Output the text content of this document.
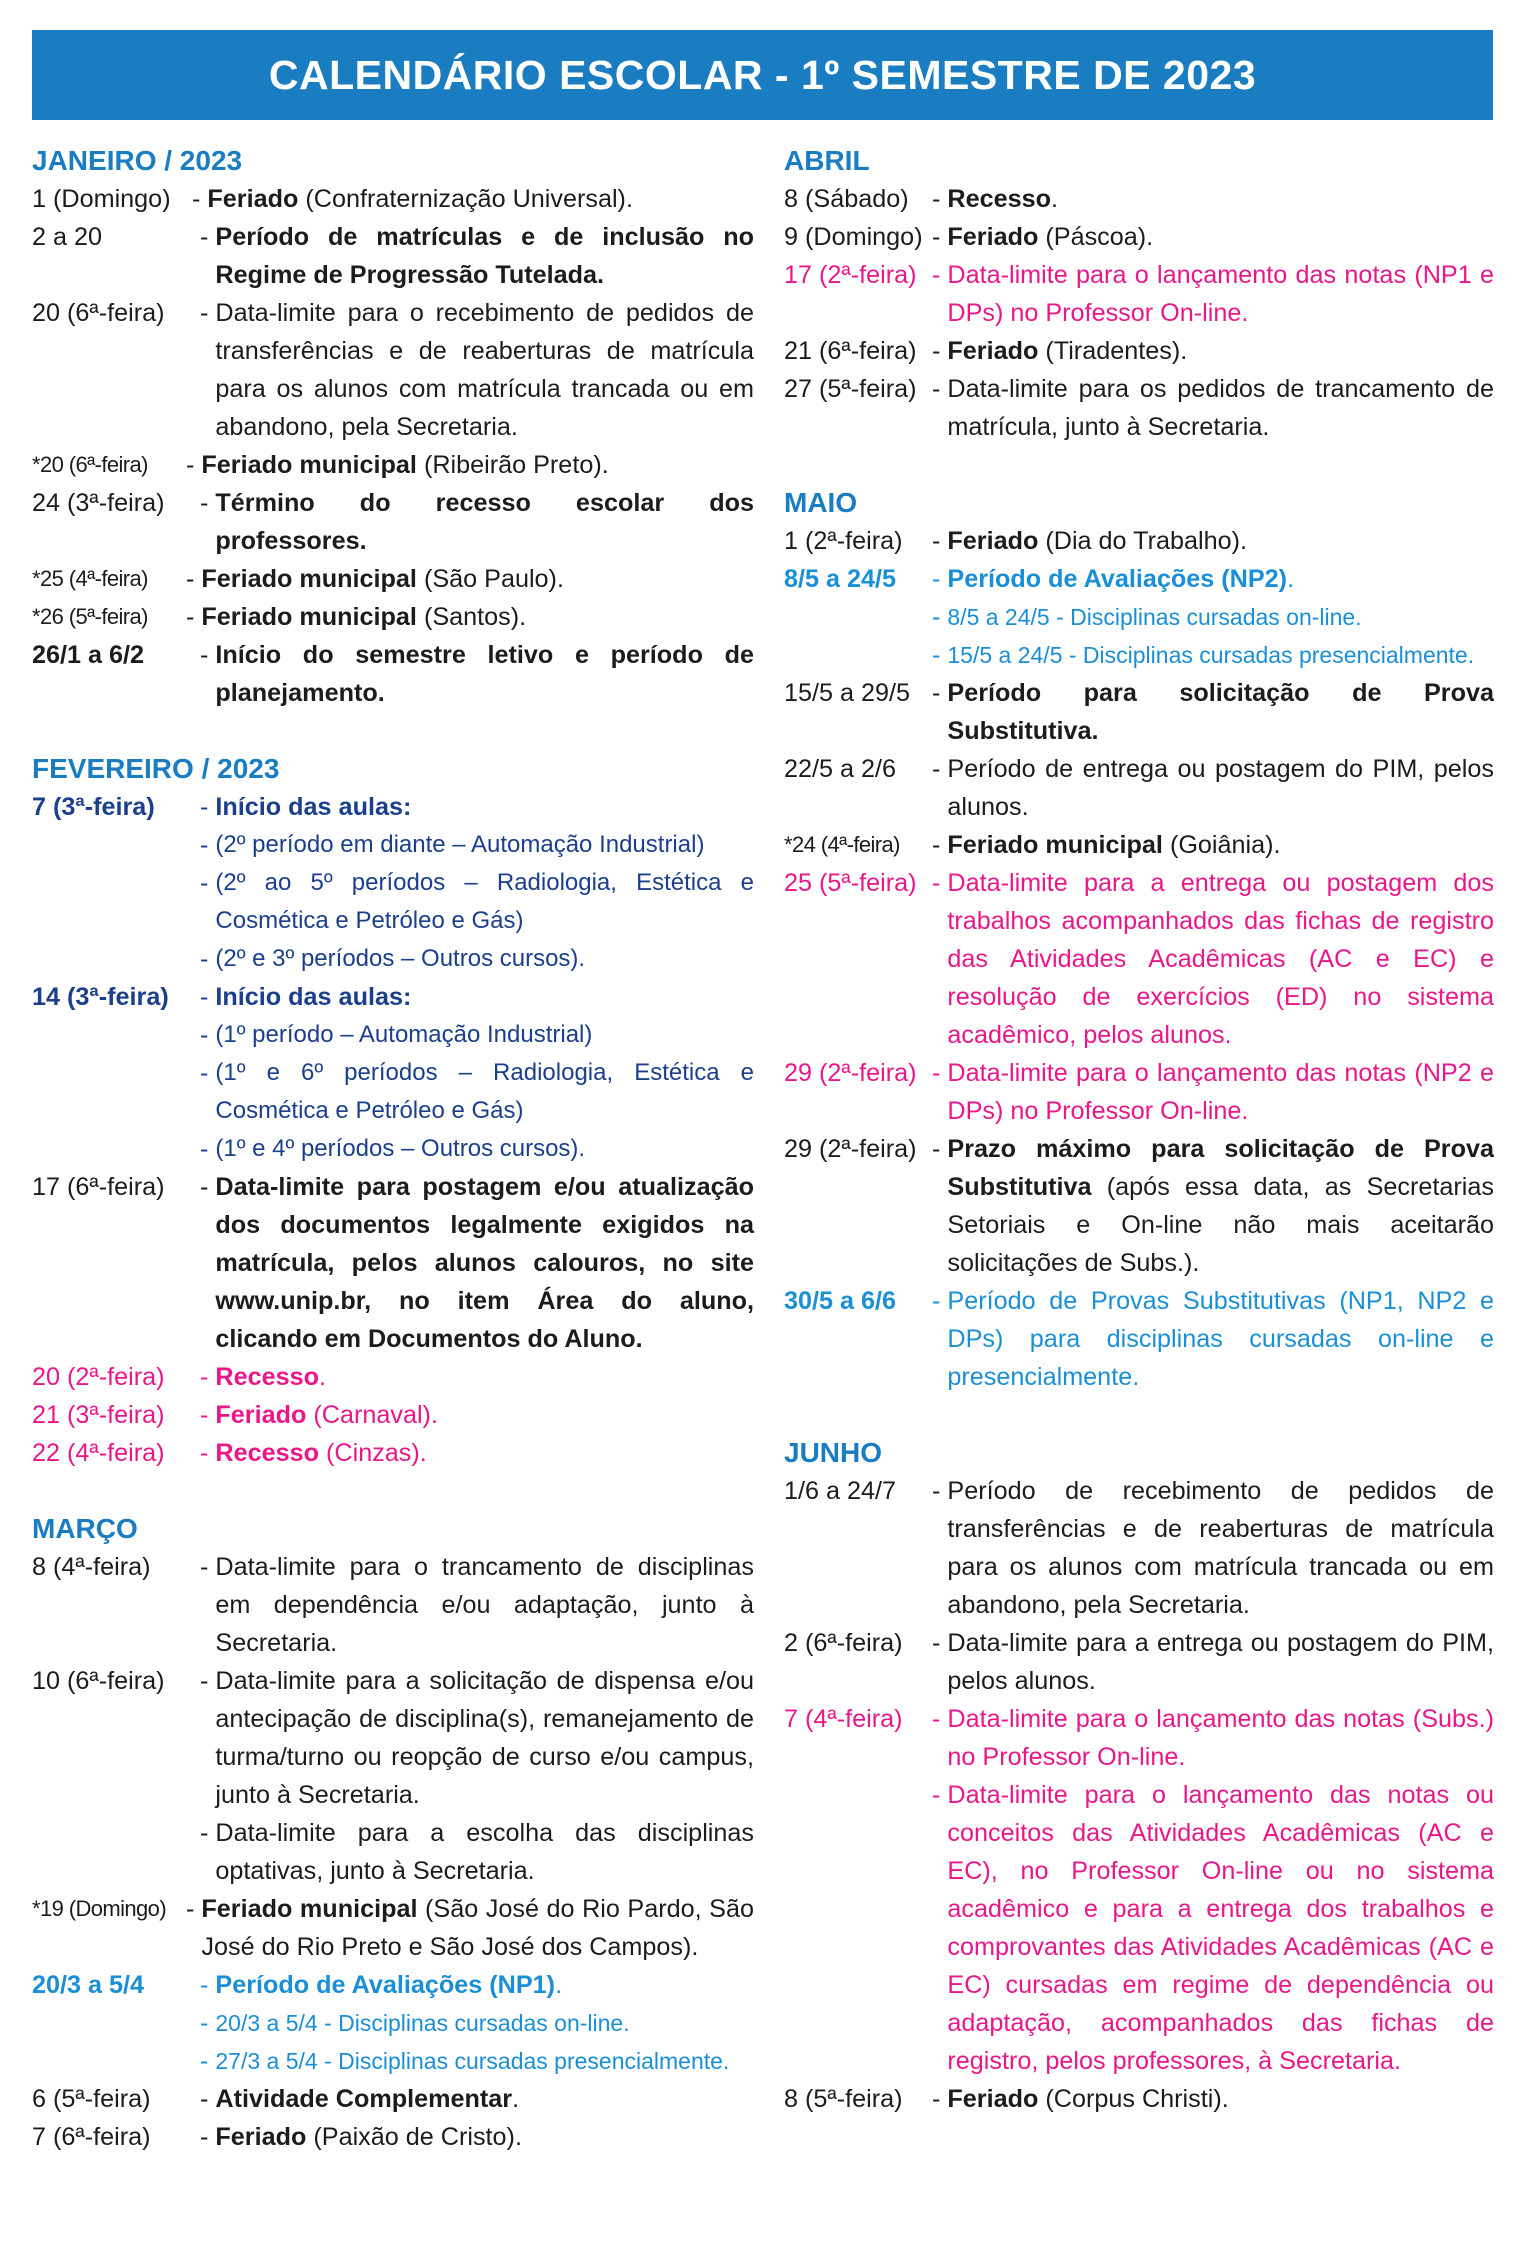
CALENDÁRIO ESCOLAR - 1º SEMESTRE DE 2023
JANEIRO / 2023
1 (Domingo) - Feriado (Confraternização Universal).
2 a 20	- Período de matrículas e de inclusão no Regime de Progressão Tutelada.
20 (6ª-feira)	- Data-limite para o recebimento de pedidos de transferências e de reaberturas de matrícula para os alunos com matrícula trancada ou em abandono, pela Secretaria.
*20 (6ª-feira)	- Feriado municipal (Ribeirão Preto).
24 (3ª-feira)	- Término do recesso escolar dos professores.
*25 (4ª-feira)	- Feriado municipal (São Paulo).
*26 (5ª-feira)	- Feriado municipal (Santos).
26/1 a 6/2	- Início do semestre letivo e período de planejamento.
FEVEREIRO / 2023
7 (3ª-feira)	- Início das aulas:
- (2º período em diante – Automação Industrial)
- (2º ao 5º períodos – Radiologia, Estética e Cosmética e Petróleo e Gás)
- (2º e 3º períodos – Outros cursos).
14 (3ª-feira)	- Início das aulas:
- (1º período – Automação Industrial)
- (1º e 6º períodos – Radiologia, Estética e Cosmética e Petróleo e Gás)
- (1º e 4º períodos – Outros cursos).
17 (6ª-feira)	- Data-limite para postagem e/ou atualização dos documentos legalmente exigidos na matrícula, pelos alunos calouros, no site www.unip.br, no item Área do aluno, clicando em Documentos do Aluno.
20 (2ª-feira)	- Recesso.
21 (3ª-feira)	- Feriado (Carnaval).
22 (4ª-feira)	- Recesso (Cinzas).
MARÇO
8 (4ª-feira)	- Data-limite para o trancamento de disciplinas em dependência e/ou adaptação, junto à Secretaria.
10 (6ª-feira)	- Data-limite para a solicitação de dispensa e/ou antecipação de disciplina(s), remanejamento de turma/turno ou reopção de curso e/ou campus, junto à Secretaria.
- Data-limite para a escolha das disciplinas optativas, junto à Secretaria.
*19 (Domingo) - Feriado municipal (São José do Rio Pardo, São José do Rio Preto e São José dos Campos).
20/3 a 5/4	- Período de Avaliações (NP1).
- 20/3 a 5/4 - Disciplinas cursadas on-line.
- 27/3 a 5/4 - Disciplinas cursadas presencialmente.
6 (5ª-feira)	- Atividade Complementar.
7 (6ª-feira)	- Feriado (Paixão de Cristo).
ABRIL
8 (Sábado) - Recesso.
9 (Domingo) - Feriado (Páscoa).
17 (2ª-feira) - Data-limite para o lançamento das notas (NP1 e DPs) no Professor On-line.
21 (6ª-feira) - Feriado (Tiradentes).
27 (5ª-feira) - Data-limite para os pedidos de trancamento de matrícula, junto à Secretaria.
MAIO
1 (2ª-feira)	- Feriado (Dia do Trabalho).
8/5 a 24/5	- Período de Avaliações (NP2).
- 8/5 a 24/5 - Disciplinas cursadas on-line.
- 15/5 a 24/5 - Disciplinas cursadas presencialmente.
15/5 a 29/5 - Período para solicitação de Prova Substitutiva.
22/5 a 2/6	- Período de entrega ou postagem do PIM, pelos alunos.
*24 (4ª-feira)	- Feriado municipal (Goiânia).
25 (5ª-feira) - Data-limite para a entrega ou postagem dos trabalhos acompanhados das fichas de registro das Atividades Acadêmicas (AC e EC) e resolução de exercícios (ED) no sistema acadêmico, pelos alunos.
29 (2ª-feira) - Data-limite para o lançamento das notas (NP2 e DPs) no Professor On-line.
29 (2ª-feira) - Prazo máximo para solicitação de Prova Substitutiva (após essa data, as Secretarias Setoriais e On-line não mais aceitarão solicitações de Subs.).
30/5 a 6/6	- Período de Provas Substitutivas (NP1, NP2 e DPs) para disciplinas cursadas on-line e presencialmente.
JUNHO
1/6 a 24/7	- Período de recebimento de pedidos de transferências e de reaberturas de matrícula para os alunos com matrícula trancada ou em abandono, pela Secretaria.
2 (6ª-feira)	- Data-limite para a entrega ou postagem do PIM, pelos alunos.
7 (4ª-feira)	- Data-limite para o lançamento das notas (Subs.) no Professor On-line.
- Data-limite para o lançamento das notas ou conceitos das Atividades Acadêmicas (AC e EC), no Professor On-line ou no sistema acadêmico e para a entrega dos trabalhos e comprovantes das Atividades Acadêmicas (AC e EC) cursadas em regime de dependência ou adaptação, acompanhados das fichas de registro, pelos professores, à Secretaria.
8 (5ª-feira)	- Feriado (Corpus Christi).
